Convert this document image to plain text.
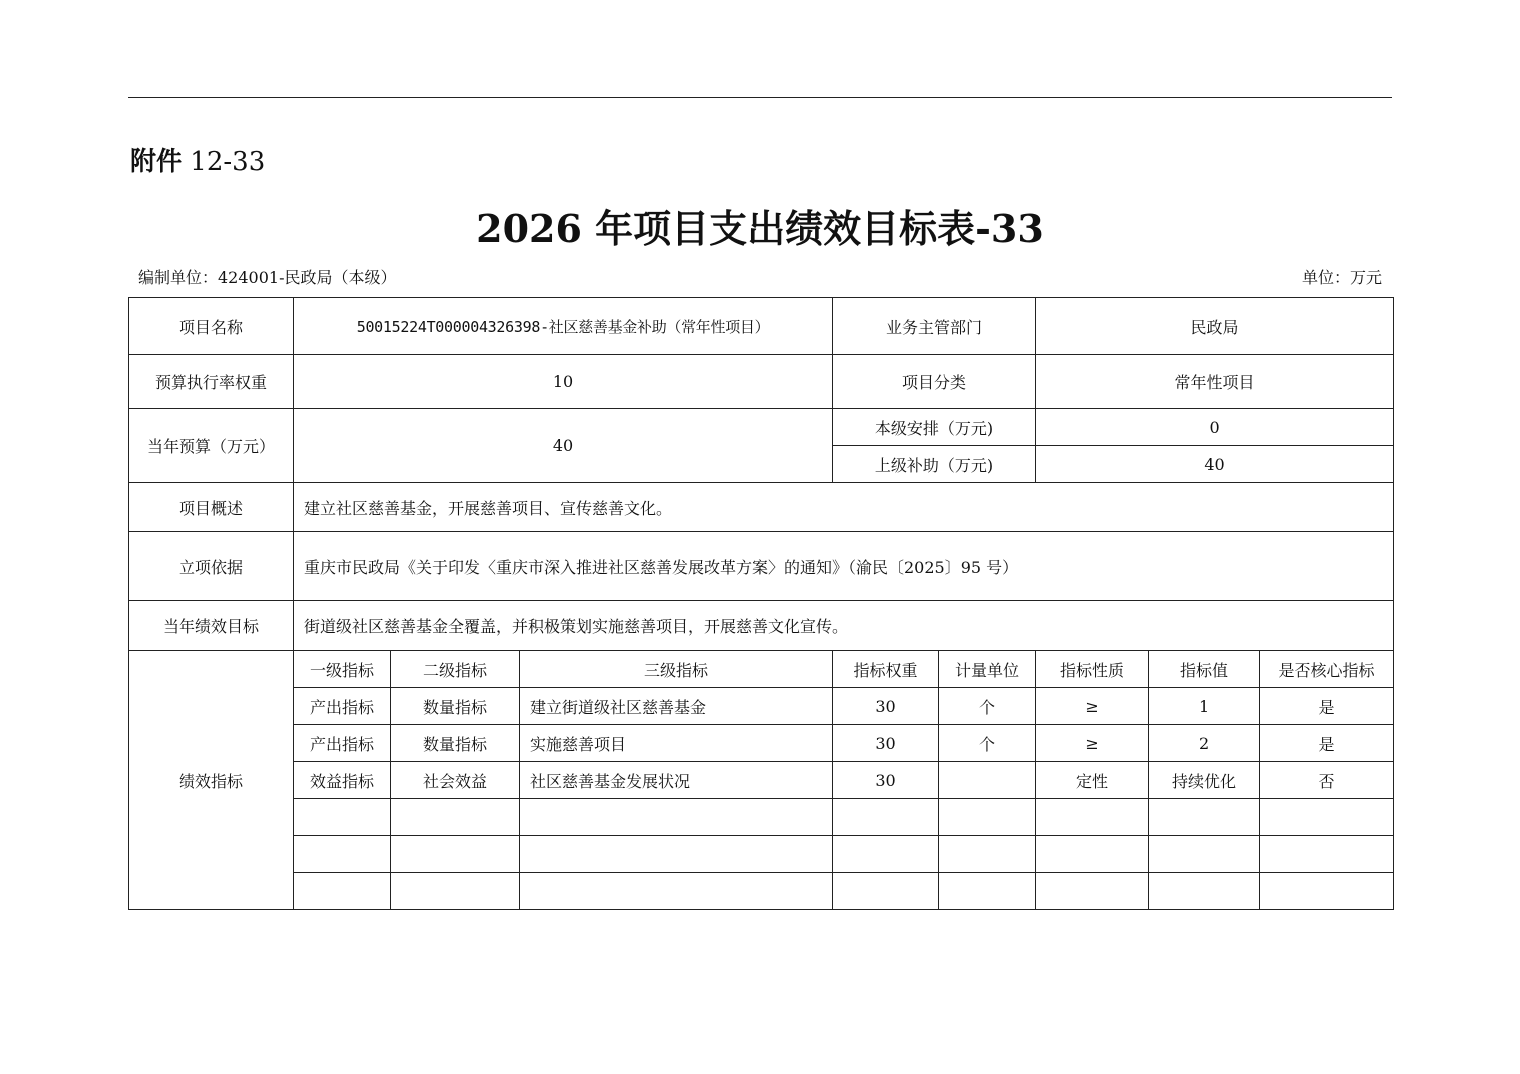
附件 12-33
2026 年项目支出绩效目标表-33
编制单位：424001-民政局（本级）	单位：万元
项目名称	50015224T000004326398-社区慈善基金补助（常年性项目）			业务主管部门		民政局		
预算执行率权重	10			项目分类		常年性项目		
当年预算（万元）	40			本级安排（万元)		0		
				上级补助（万元)		40		
项目概述	建立社区慈善基金，开展慈善项目、宣传慈善文化。							
立项依据	重庆市民政局《关于印发〈重庆市深入推进社区慈善发展改革方案〉的通知》（渝民〔2025〕95 号）							
当年绩效目标	街道级社区慈善基金全覆盖，并积极策划实施慈善项目，开展慈善文化宣传。							
绩效指标	一级指标	二级指标	三级指标	指标权重	计量单位	指标性质	指标值	是否核心指标
	产出指标	数量指标	建立街道级社区慈善基金	30	个	≥	1	是
	产出指标	数量指标	实施慈善项目	30	个	≥	2	是
	效益指标	社会效益	社区慈善基金发展状况	30		定性	持续优化	否
